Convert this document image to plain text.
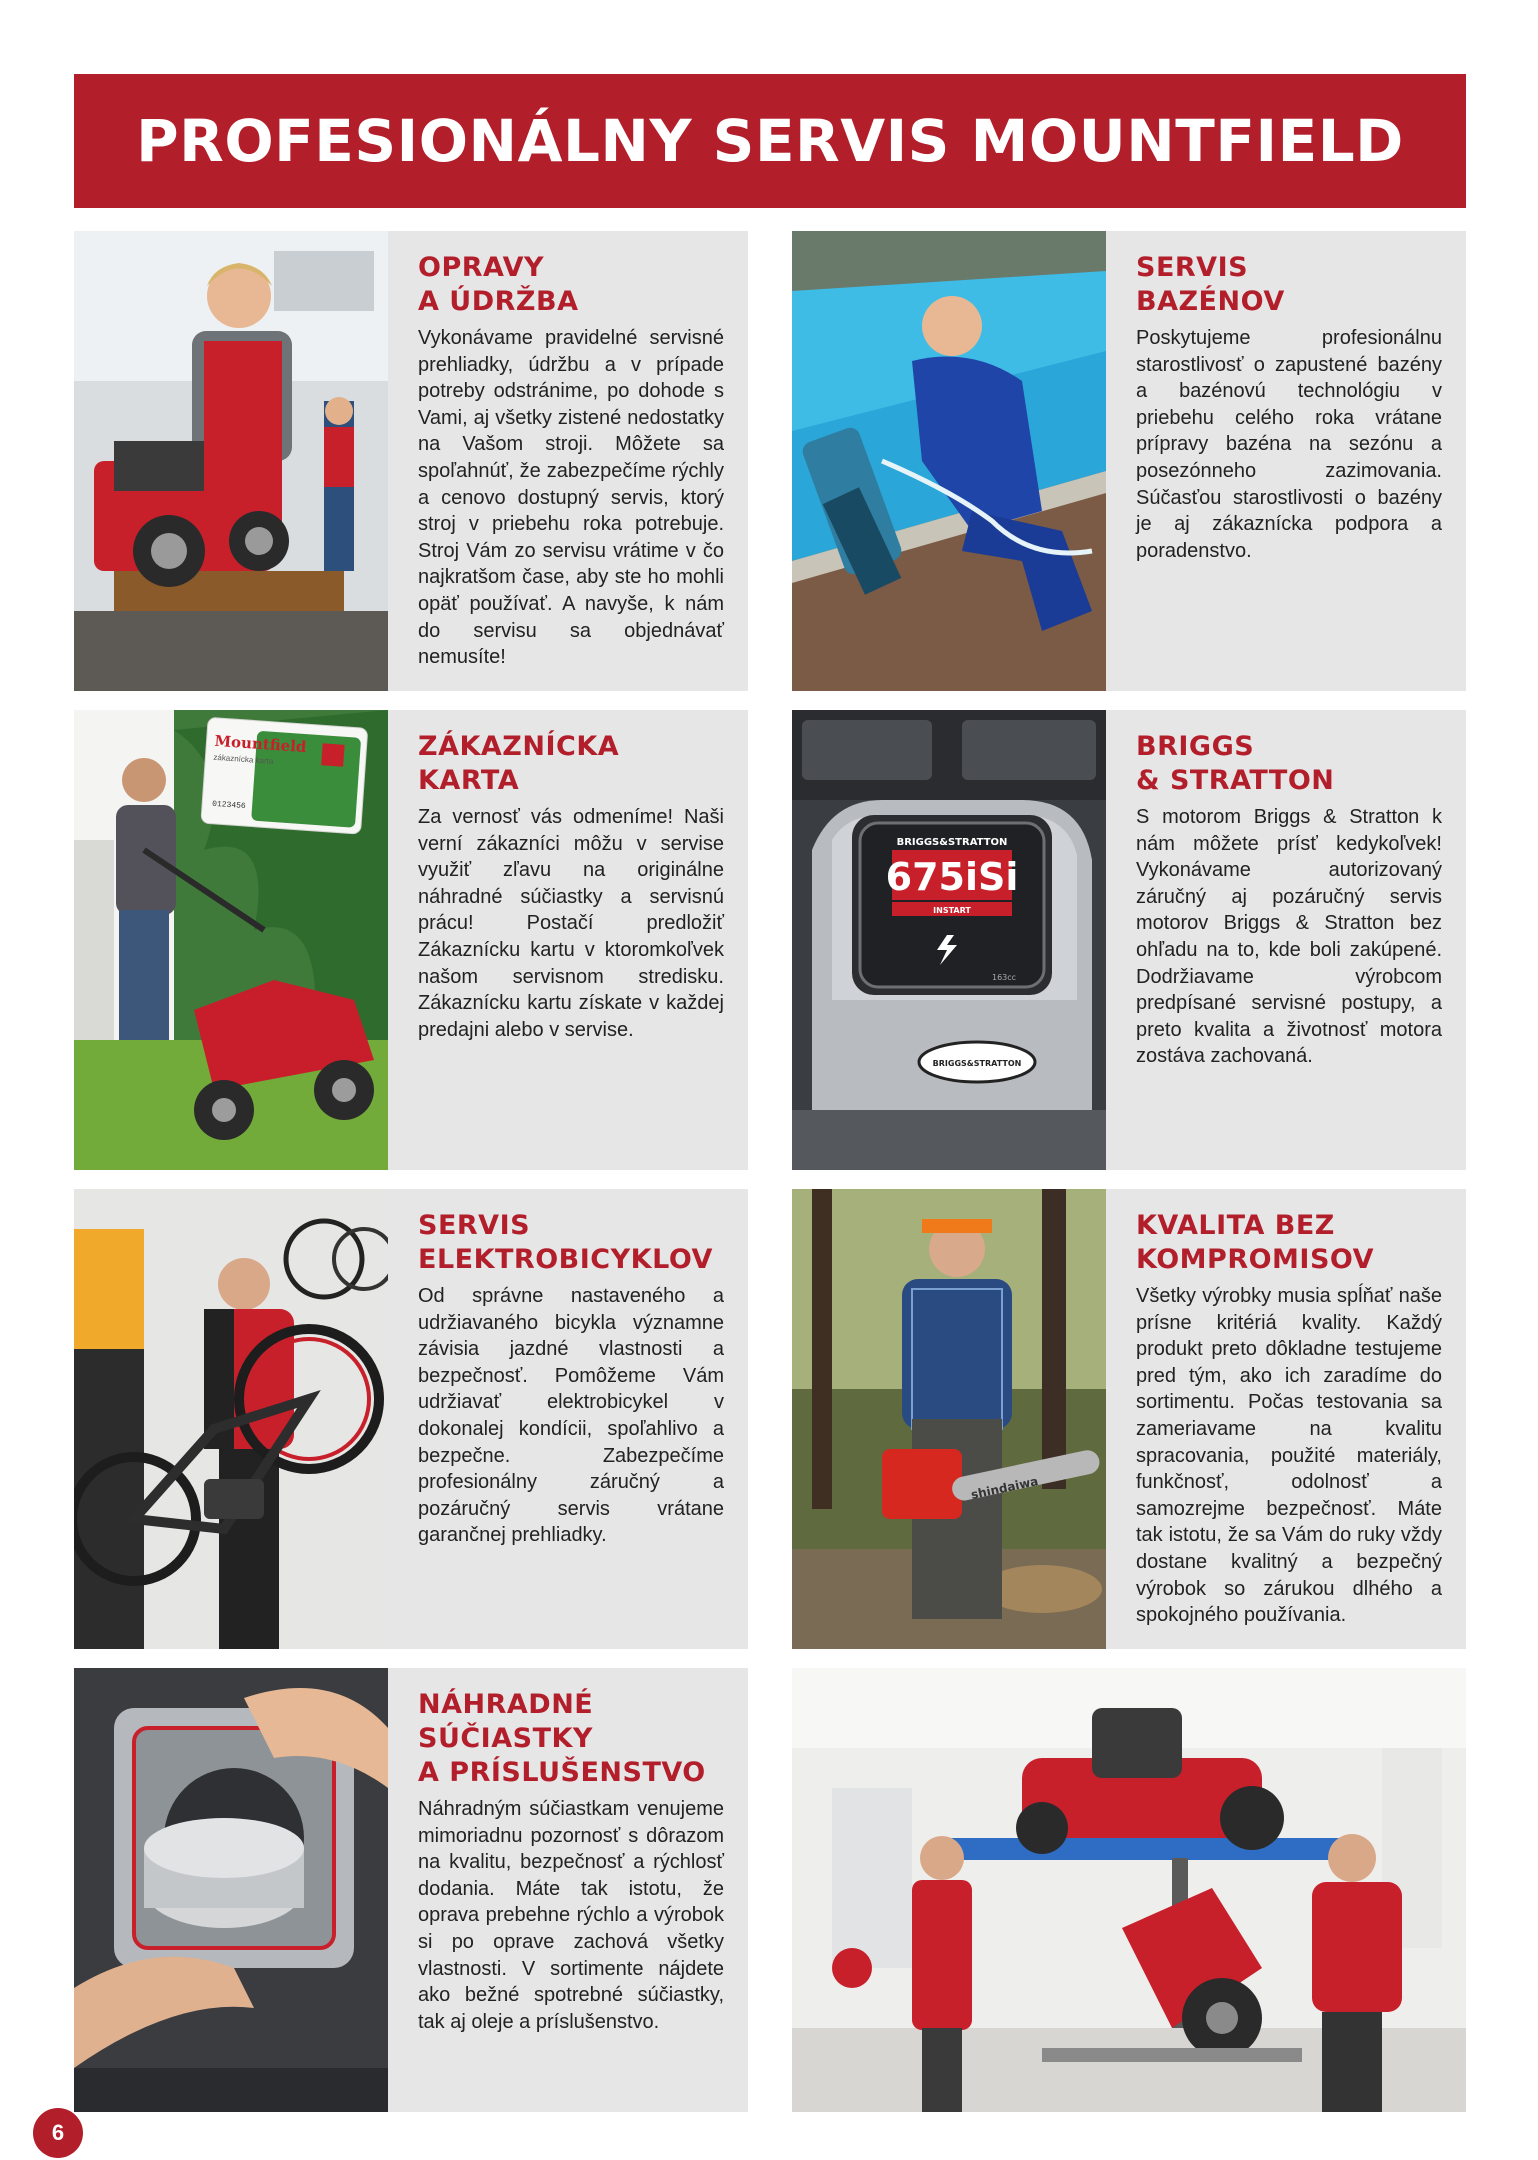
PROFESIONÁLNY SERVIS MOUNTFIELD
OPRAVY
A ÚDRŽBA

Vykonávame pravidelné servisné prehliadky, údržbu a v prípade potreby odstránime, po dohode s Vami, aj všetky zistené nedostatky na Vašom stroji. Môžete sa spoľahnúť, že zabezpečíme rýchly a cenovo dostupný servis, ktorý stroj v priebehu roka potrebuje. Stroj Vám zo servisu vrátime v čo najkratšom čase, aby ste ho mohli opäť používať. A navyše, k nám do servisu sa objednávať nemusíte!

SERVIS
BAZÉNOV

Poskytujeme profesionálnu starostlivosť o zapustené bazény a bazénovú technológiu v priebehu celého roka vrátane prípravy bazéna na sezónu a posezónneho zazimovania. Súčasťou starostlivosti o bazény je aj zákaznícka podpora a poradenstvo.

Mountfield
zákaznícka karta
0123456
ZÁKAZNÍCKA
KARTA

Za vernosť vás odmeníme! Naši verní zákazníci môžu v servise využiť zľavu na originálne náhradné súčiastky a servisnú prácu! Postačí predložiť Zákaznícku kartu v ktoromkoľvek našom servisnom stredisku. Zákaznícku kartu získate v každej predajni alebo v servise.

BRIGGS&STRATTON
675iSi
INSTART
163cc
BRIGGS&STRATTON
BRIGGS
& STRATTON

S motorom Briggs & Stratton k nám môžete prísť kedykoľvek! Vykonávame autorizovaný záručný aj pozáručný servis motorov Briggs & Stratton bez ohľadu na to, kde boli zakúpené. Dodržiavame výrobcom predpísané servisné postupy, a preto kvalita a životnosť motora zostáva zachovaná.

SERVIS
ELEKTROBICYKLOV

Od správne nastaveného a udržiavaného bicykla významne závisia jazdné vlastnosti a bezpečnosť. Pomôžeme Vám udržiavať elektrobicykel v dokonalej kondícii, spoľahlivo a bezpečne. Zabezpečíme profesionálny záručný a pozáručný servis vrátane garančnej prehliadky.

shindaiwa
KVALITA BEZ
KOMPROMISOV

Všetky výrobky musia spĺňať naše prísne kritériá kvality. Každý produkt preto dôkladne testujeme pred tým, ako ich zaradíme do sortimentu. Počas testovania sa zameriavame na kvalitu spracovania, použité materiály, funkčnosť, odolnosť a samozrejme bezpečnosť. Máte tak istotu, že sa Vám do ruky vždy dostane kvalitný a bezpečný výrobok so zárukou dlhého a spokojného používania.

NÁHRADNÉ
SÚČIASTKY
A PRÍSLUŠENSTVO

Náhradným súčiastkam venujeme mimoriadnu pozornosť s dôrazom na kvalitu, bezpečnosť a rýchlosť dodania. Máte tak istotu, že oprava prebehne rýchlo a výrobok si po oprave zachová všetky vlastnosti. V sortimente nájdete ako bežné spotrebné súčiastky, tak aj oleje a príslušenstvo.

6
